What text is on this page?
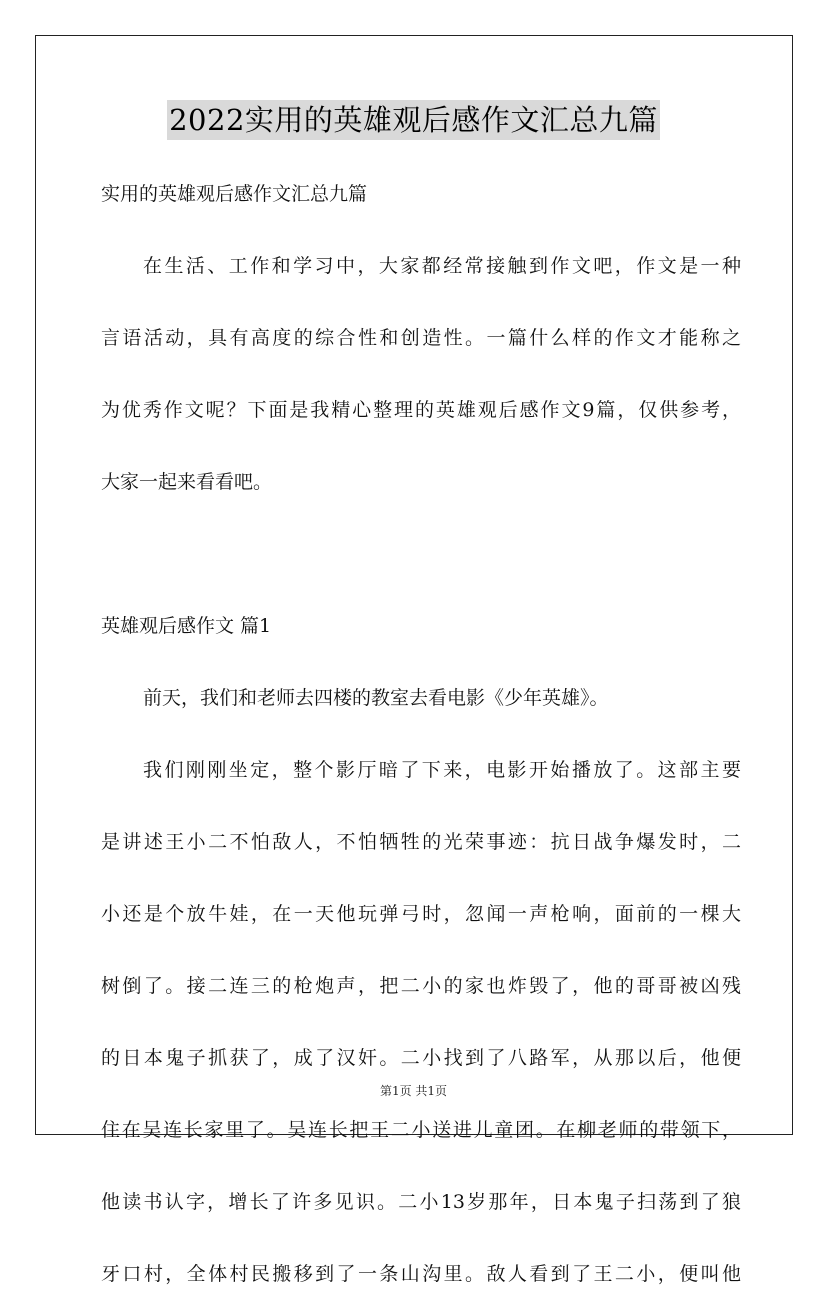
2022实用的英雄观后感作文汇总九篇
实用的英雄观后感作文汇总九篇
在生活、工作和学习中，大家都经常接触到作文吧，作文是一种
言语活动，具有高度的综合性和创造性。一篇什么样的作文才能称之
为优秀作文呢？下面是我精心整理的英雄观后感作文9篇，仅供参考，
大家一起来看看吧。
英雄观后感作文 篇1
前天，我们和老师去四楼的教室去看电影《少年英雄》。
我们刚刚坐定，整个影厅暗了下来，电影开始播放了。这部主要
是讲述王小二不怕敌人，不怕牺牲的光荣事迹：抗日战争爆发时，二
小还是个放牛娃，在一天他玩弹弓时，忽闻一声枪响，面前的一棵大
树倒了。接二连三的枪炮声，把二小的家也炸毁了，他的哥哥被凶残
的日本鬼子抓获了，成了汉奸。二小找到了八路军，从那以后，他便
住在吴连长家里了。吴连长把王二小送进儿童团。在柳老师的带领下，
他读书认字，增长了许多见识。二小13岁那年，日本鬼子扫荡到了狼
牙口村，全体村民搬移到了一条山沟里。敌人看到了王二小，便叫他
第1页 共1页
